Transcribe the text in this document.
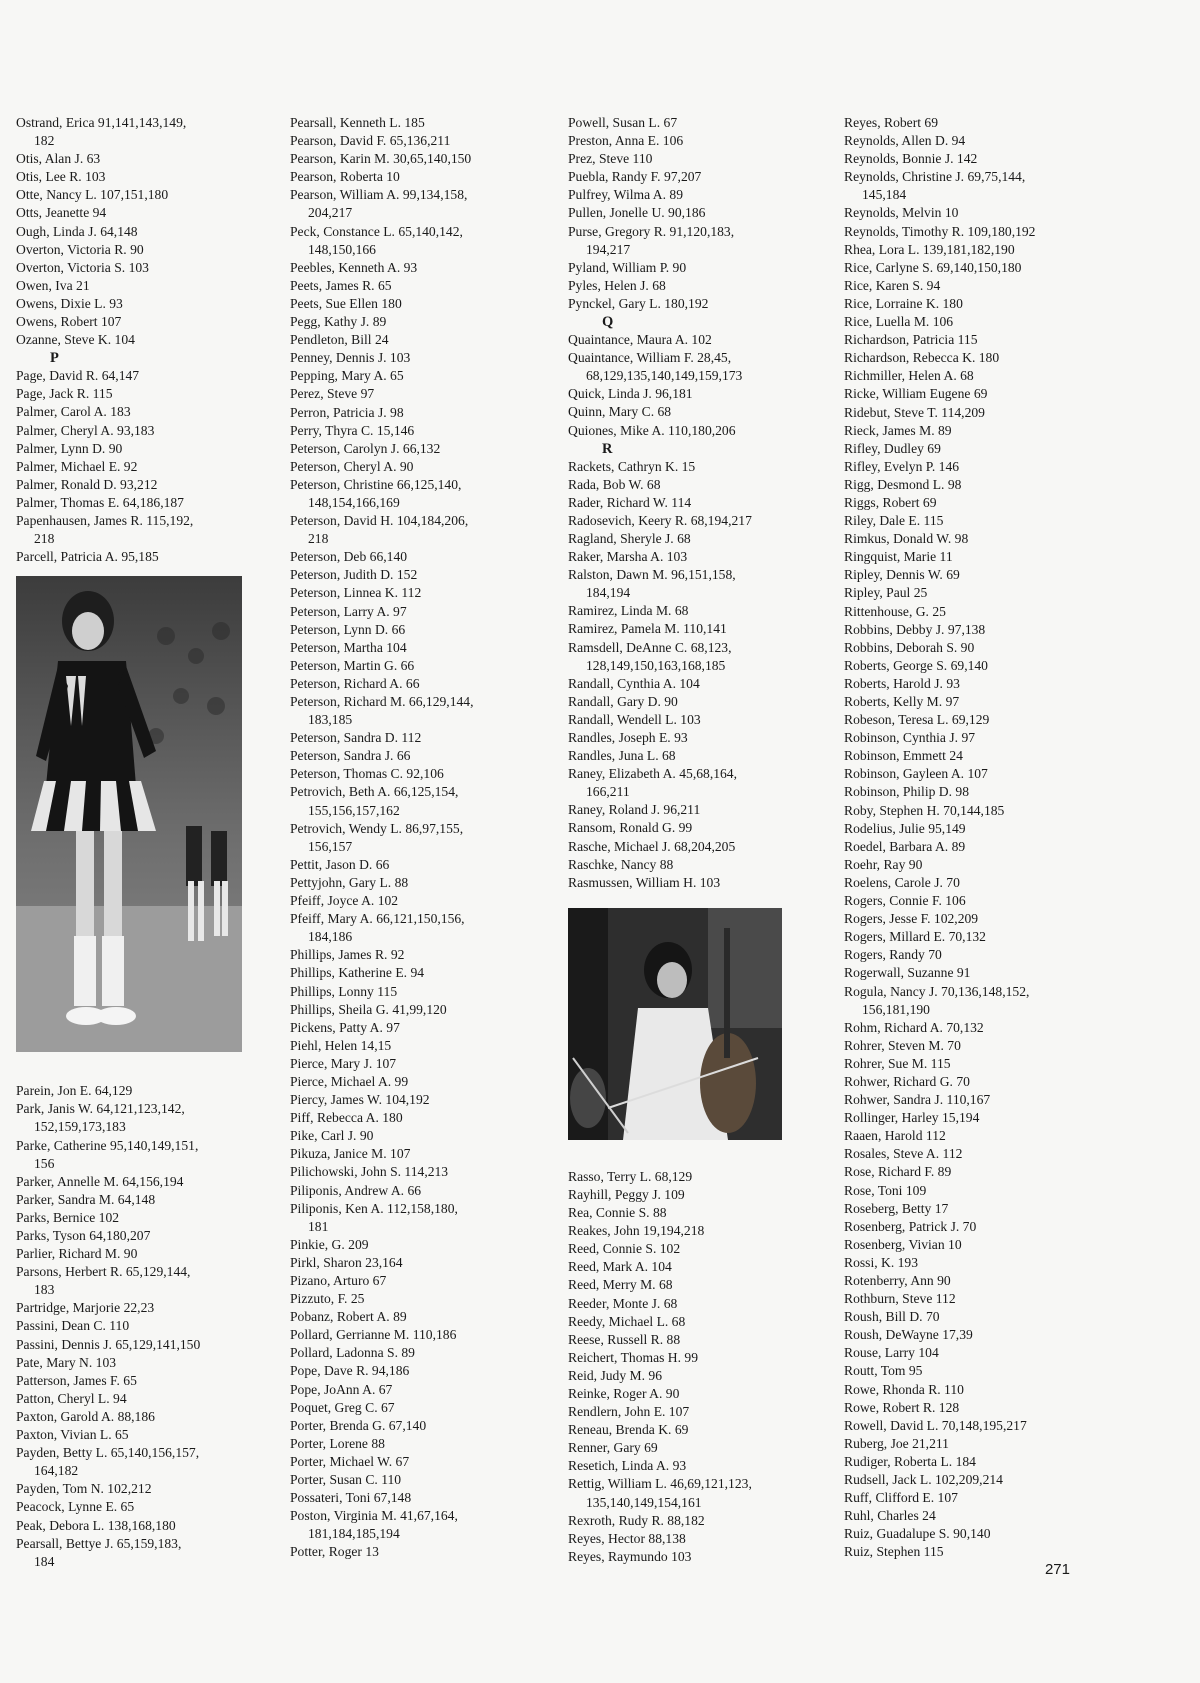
Ostrand, Erica 91,141,143,149,

182

Otis, Alan J. 63

Otis, Lee R. 103

Otte, Nancy L. 107,151,180

Otts, Jeanette 94

Ough, Linda J. 64,148

Overton, Victoria R. 90

Overton, Victoria S. 103

Owen, Iva 21

Owens, Dixie L. 93

Owens, Robert 107

Ozanne, Steve K. 104

P

Page, David R. 64,147

Page, Jack R. 115

Palmer, Carol A. 183

Palmer, Cheryl A. 93,183

Palmer, Lynn D. 90

Palmer, Michael E. 92

Palmer, Ronald D. 93,212

Palmer, Thomas E. 64,186,187

Papenhausen, James R. 115,192,

218

Parcell, Patricia A. 95,185

Parein, Jon E. 64,129

Park, Janis W. 64,121,123,142,

152,159,173,183

Parke, Catherine 95,140,149,151,

156

Parker, Annelle M. 64,156,194

Parker, Sandra M. 64,148

Parks, Bernice 102

Parks, Tyson 64,180,207

Parlier, Richard M. 90

Parsons, Herbert R. 65,129,144,

183

Partridge, Marjorie 22,23

Passini, Dean C. 110

Passini, Dennis J. 65,129,141,150

Pate, Mary N. 103

Patterson, James F. 65

Patton, Cheryl L. 94

Paxton, Garold A. 88,186

Paxton, Vivian L. 65

Payden, Betty L. 65,140,156,157,

164,182

Payden, Tom N. 102,212

Peacock, Lynne E. 65

Peak, Debora L. 138,168,180

Pearsall, Bettye J. 65,159,183,

184

Pearsall, Kenneth L. 185

Pearson, David F. 65,136,211

Pearson, Karin M. 30,65,140,150

Pearson, Roberta 10

Pearson, William A. 99,134,158,

204,217

Peck, Constance L. 65,140,142,

148,150,166

Peebles, Kenneth A. 93

Peets, James R. 65

Peets, Sue Ellen 180

Pegg, Kathy J. 89

Pendleton, Bill 24

Penney, Dennis J. 103

Pepping, Mary A. 65

Perez, Steve 97

Perron, Patricia J. 98

Perry, Thyra C. 15,146

Peterson, Carolyn J. 66,132

Peterson, Cheryl A. 90

Peterson, Christine 66,125,140,

148,154,166,169

Peterson, David H. 104,184,206,

218

Peterson, Deb 66,140

Peterson, Judith D. 152

Peterson, Linnea K. 112

Peterson, Larry A. 97

Peterson, Lynn D. 66

Peterson, Martha 104

Peterson, Martin G. 66

Peterson, Richard A. 66

Peterson, Richard M. 66,129,144,

183,185

Peterson, Sandra D. 112

Peterson, Sandra J. 66

Peterson, Thomas C. 92,106

Petrovich, Beth A. 66,125,154,

155,156,157,162

Petrovich, Wendy L. 86,97,155,

156,157

Pettit, Jason D. 66

Pettyjohn, Gary L. 88

Pfeiff, Joyce A. 102

Pfeiff, Mary A. 66,121,150,156,

184,186

Phillips, James R. 92

Phillips, Katherine E. 94

Phillips, Lonny 115

Phillips, Sheila G. 41,99,120

Pickens, Patty A. 97

Piehl, Helen 14,15

Pierce, Mary J. 107

Pierce, Michael A. 99

Piercy, James W. 104,192

Piff, Rebecca A. 180

Pike, Carl J. 90

Pikuza, Janice M. 107

Pilichowski, John S. 114,213

Piliponis, Andrew A. 66

Piliponis, Ken A. 112,158,180,

181

Pinkie, G. 209

Pirkl, Sharon 23,164

Pizano, Arturo 67

Pizzuto, F. 25

Pobanz, Robert A. 89

Pollard, Gerrianne M. 110,186

Pollard, Ladonna S. 89

Pope, Dave R. 94,186

Pope, JoAnn A. 67

Poquet, Greg C. 67

Porter, Brenda G. 67,140

Porter, Lorene 88

Porter, Michael W. 67

Porter, Susan C. 110

Possateri, Toni 67,148

Poston, Virginia M. 41,67,164,

181,184,185,194

Potter, Roger 13

Powell, Susan L. 67

Preston, Anna E. 106

Prez, Steve 110

Puebla, Randy F. 97,207

Pulfrey, Wilma A. 89

Pullen, Jonelle U. 90,186

Purse, Gregory R. 91,120,183,

194,217

Pyland, William P. 90

Pyles, Helen J. 68

Pynckel, Gary L. 180,192

Q

Quaintance, Maura A. 102

Quaintance, William F. 28,45,

68,129,135,140,149,159,173

Quick, Linda J. 96,181

Quinn, Mary C. 68

Quiones, Mike A. 110,180,206

R

Rackets, Cathryn K. 15

Rada, Bob W. 68

Rader, Richard W. 114

Radosevich, Keery R. 68,194,217

Ragland, Sheryle J. 68

Raker, Marsha A. 103

Ralston, Dawn M. 96,151,158,

184,194

Ramirez, Linda M. 68

Ramirez, Pamela M. 110,141

Ramsdell, DeAnne C. 68,123,

128,149,150,163,168,185

Randall, Cynthia A. 104

Randall, Gary D. 90

Randall, Wendell L. 103

Randles, Joseph E. 93

Randles, Juna L. 68

Raney, Elizabeth A. 45,68,164,

166,211

Raney, Roland J. 96,211

Ransom, Ronald G. 99

Rasche, Michael J. 68,204,205

Raschke, Nancy 88

Rasmussen, William H. 103

Rasso, Terry L. 68,129

Rayhill, Peggy J. 109

Rea, Connie S. 88

Reakes, John 19,194,218

Reed, Connie S. 102

Reed, Mark A. 104

Reed, Merry M. 68

Reeder, Monte J. 68

Reedy, Michael L. 68

Reese, Russell R. 88

Reichert, Thomas H. 99

Reid, Judy M. 96

Reinke, Roger A. 90

Rendlern, John E. 107

Reneau, Brenda K. 69

Renner, Gary 69

Resetich, Linda A. 93

Rettig, William L. 46,69,121,123,

135,140,149,154,161

Rexroth, Rudy R. 88,182

Reyes, Hector 88,138

Reyes, Raymundo 103

Reyes, Robert 69

Reynolds, Allen D. 94

Reynolds, Bonnie J. 142

Reynolds, Christine J. 69,75,144,

145,184

Reynolds, Melvin 10

Reynolds, Timothy R. 109,180,192

Rhea, Lora L. 139,181,182,190

Rice, Carlyne S. 69,140,150,180

Rice, Karen S. 94

Rice, Lorraine K. 180

Rice, Luella M. 106

Richardson, Patricia 115

Richardson, Rebecca K. 180

Richmiller, Helen A. 68

Ricke, William Eugene 69

Ridebut, Steve T. 114,209

Rieck, James M. 89

Rifley, Dudley 69

Rifley, Evelyn P. 146

Rigg, Desmond L. 98

Riggs, Robert 69

Riley, Dale E. 115

Rimkus, Donald W. 98

Ringquist, Marie 11

Ripley, Dennis W. 69

Ripley, Paul 25

Rittenhouse, G. 25

Robbins, Debby J. 97,138

Robbins, Deborah S. 90

Roberts, George S. 69,140

Roberts, Harold J. 93

Roberts, Kelly M. 97

Robeson, Teresa L. 69,129

Robinson, Cynthia J. 97

Robinson, Emmett 24

Robinson, Gayleen A. 107

Robinson, Philip D. 98

Roby, Stephen H. 70,144,185

Rodelius, Julie 95,149

Roedel, Barbara A. 89

Roehr, Ray 90

Roelens, Carole J. 70

Rogers, Connie F. 106

Rogers, Jesse F. 102,209

Rogers, Millard E. 70,132

Rogers, Randy 70

Rogerwall, Suzanne 91

Rogula, Nancy J. 70,136,148,152,

156,181,190

Rohm, Richard A. 70,132

Rohrer, Steven M. 70

Rohrer, Sue M. 115

Rohwer, Richard G. 70

Rohwer, Sandra J. 110,167

Rollinger, Harley 15,194

Raaen, Harold 112

Rosales, Steve A. 112

Rose, Richard F. 89

Rose, Toni 109

Roseberg, Betty 17

Rosenberg, Patrick J. 70

Rosenberg, Vivian 10

Rossi, K. 193

Rotenberry, Ann 90

Rothburn, Steve 112

Roush, Bill D. 70

Roush, DeWayne 17,39

Rouse, Larry 104

Routt, Tom 95

Rowe, Rhonda R. 110

Rowe, Robert R. 128

Rowell, David L. 70,148,195,217

Ruberg, Joe 21,211

Rudiger, Roberta L. 184

Rudsell, Jack L. 102,209,214

Ruff, Clifford E. 107

Ruhl, Charles 24

Ruiz, Guadalupe S. 90,140

Ruiz, Stephen 115

271
